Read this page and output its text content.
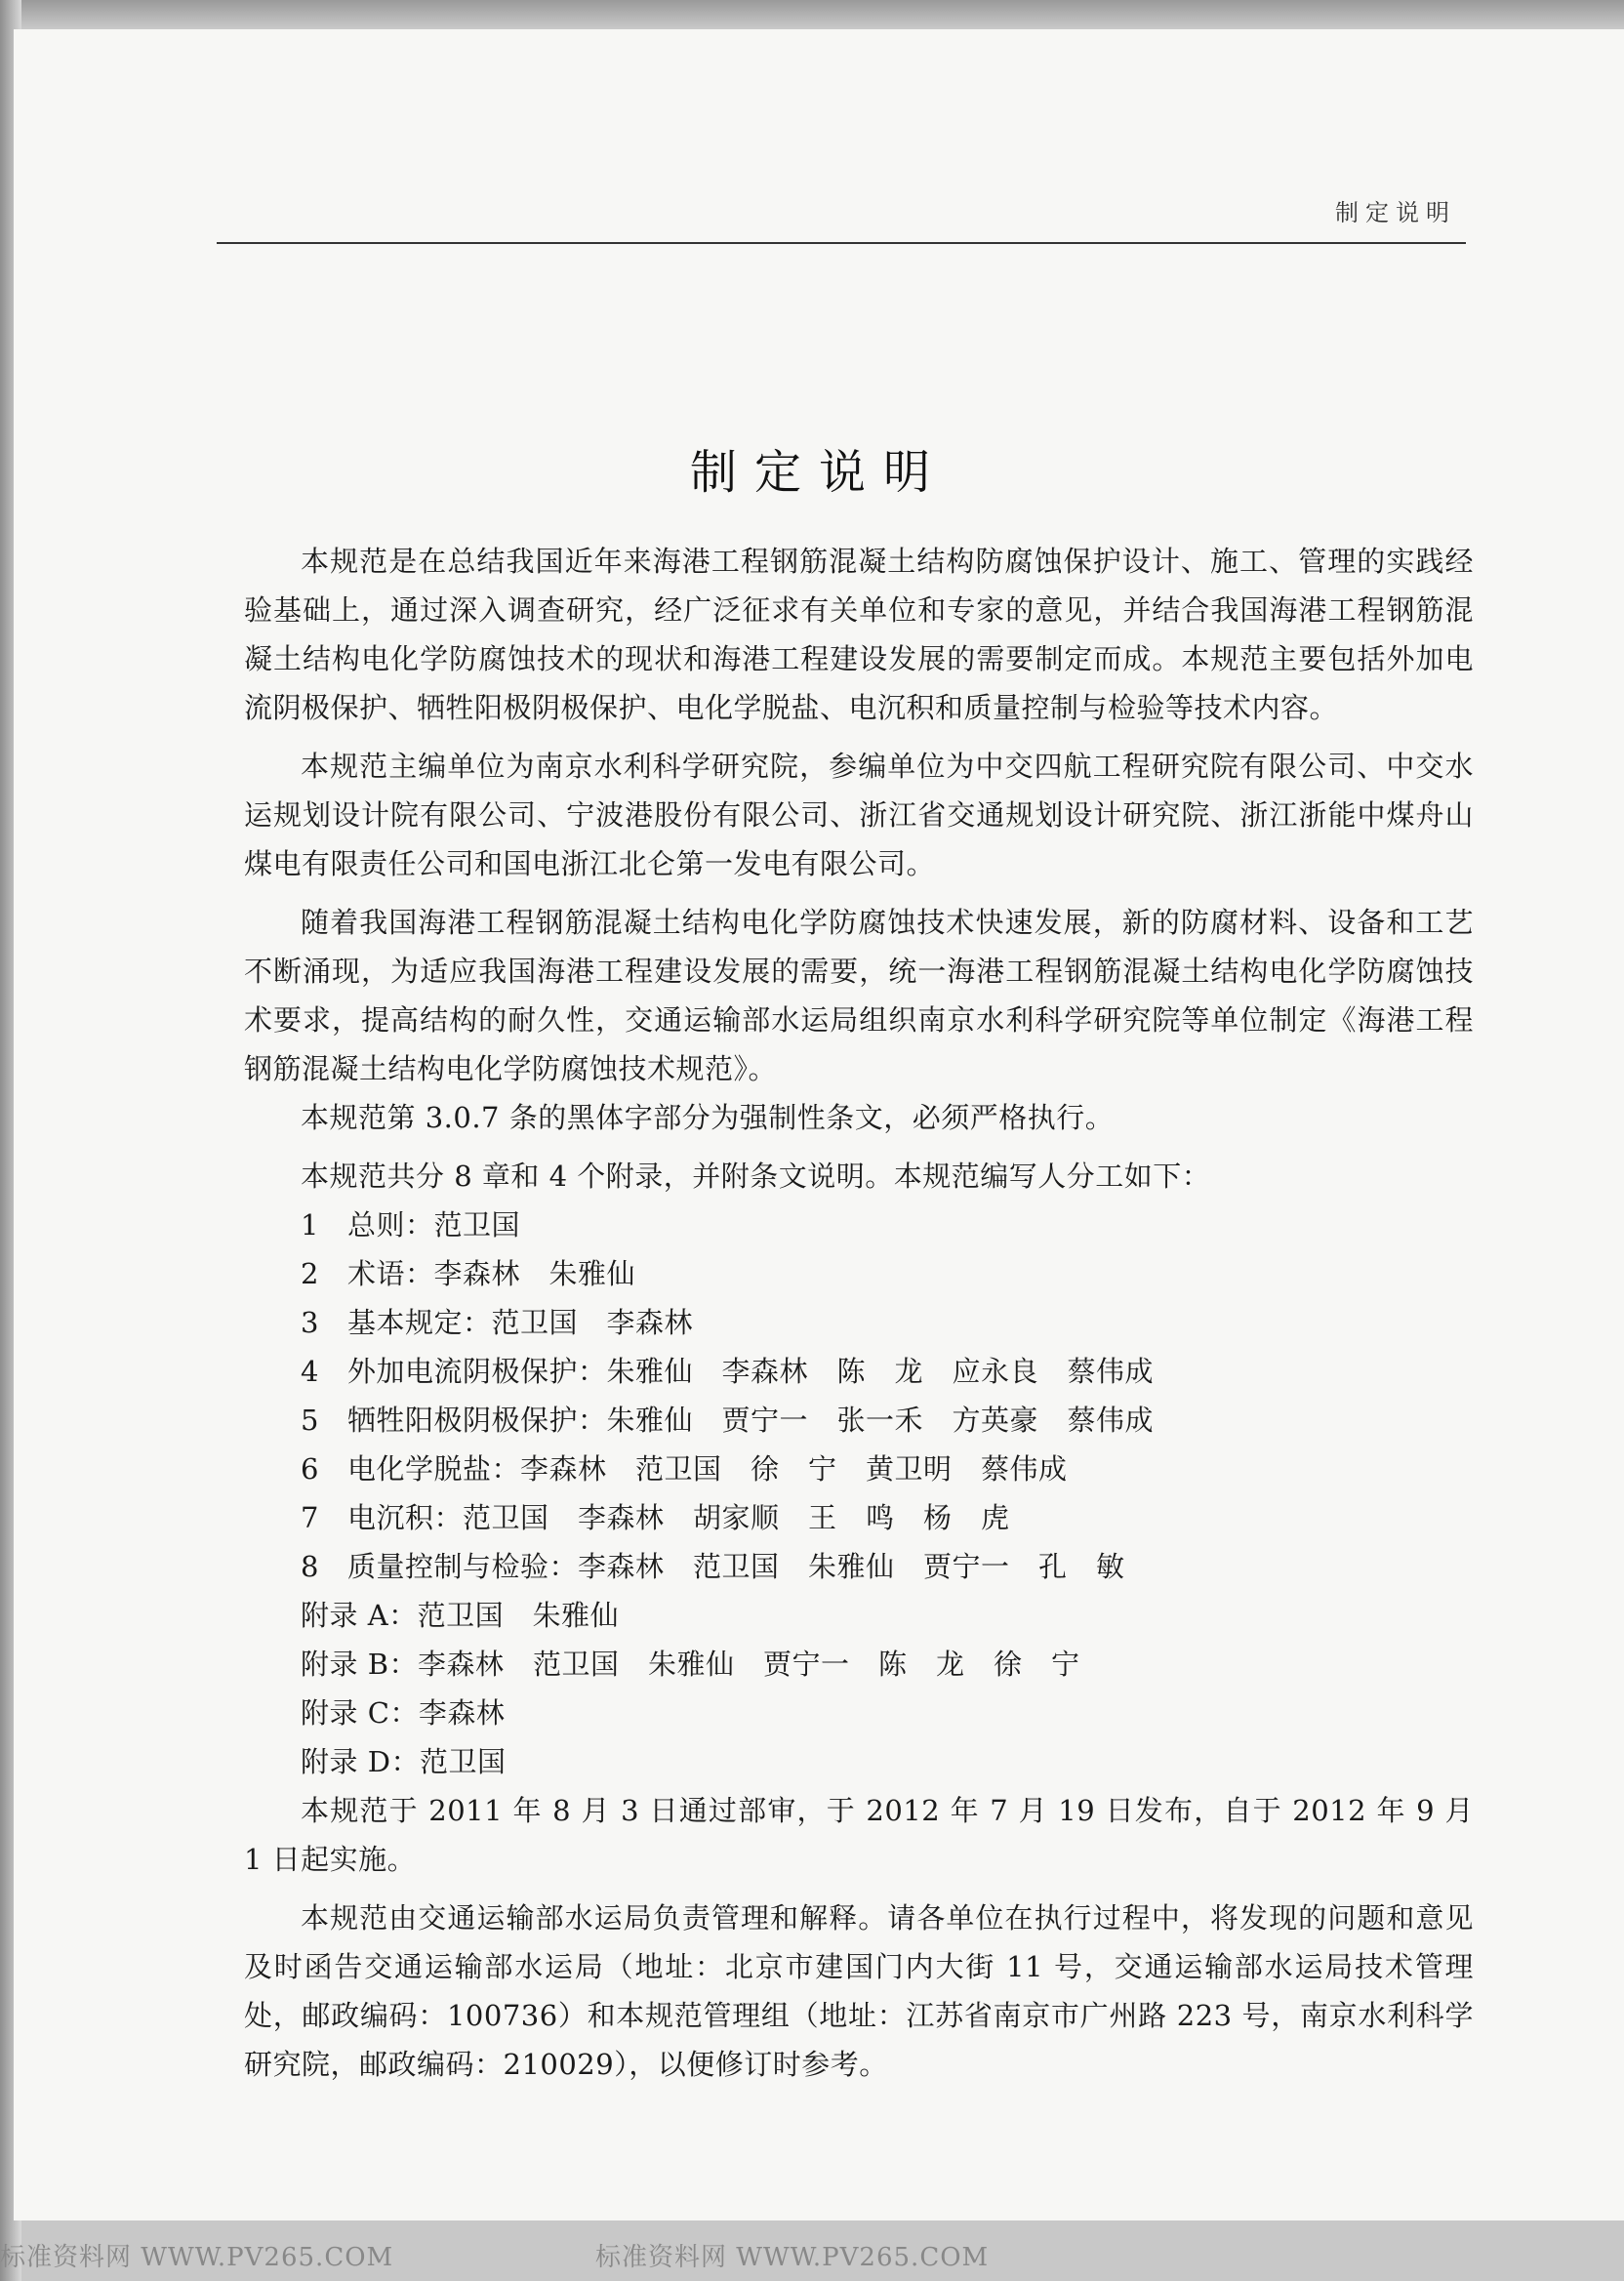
制定说明
制定说明

本规范是在总结我国近年来海港工程钢筋混凝土结构防腐蚀保护设计、施工、管理的实践经验基础上，通过深入调查研究，经广泛征求有关单位和专家的意见，并结合我国海港工程钢筋混凝土结构电化学防腐蚀技术的现状和海港工程建设发展的需要制定而成。本规范主要包括外加电流阴极保护、牺牲阳极阴极保护、电化学脱盐、电沉积和质量控制与检验等技术内容。

本规范主编单位为南京水利科学研究院，参编单位为中交四航工程研究院有限公司、中交水运规划设计院有限公司、宁波港股份有限公司、浙江省交通规划设计研究院、浙江浙能中煤舟山煤电有限责任公司和国电浙江北仑第一发电有限公司。

随着我国海港工程钢筋混凝土结构电化学防腐蚀技术快速发展，新的防腐材料、设备和工艺不断涌现，为适应我国海港工程建设发展的需要，统一海港工程钢筋混凝土结构电化学防腐蚀技术要求，提高结构的耐久性，交通运输部水运局组织南京水利科学研究院等单位制定《海港工程钢筋混凝土结构电化学防腐蚀技术规范》。

本规范第 3.0.7 条的黑体字部分为强制性条文，必须严格执行。

本规范共分 8 章和 4 个附录，并附条文说明。本规范编写人分工如下：

1 总则：范卫国
2 术语：李森林　朱雅仙
3 基本规定：范卫国　李森林
4 外加电流阴极保护：朱雅仙　李森林　陈　龙　应永良　蔡伟成
5 牺牲阳极阴极保护：朱雅仙　贾宁一　张一禾　方英豪　蔡伟成
6 电化学脱盐：李森林　范卫国　徐　宁　黄卫明　蔡伟成
7 电沉积：范卫国　李森林　胡家顺　王　鸣　杨　虎
8 质量控制与检验：李森林　范卫国　朱雅仙　贾宁一　孔　敏
附录 A：范卫国　朱雅仙
附录 B：李森林　范卫国　朱雅仙　贾宁一　陈　龙　徐　宁
附录 C：李森林
附录 D：范卫国

本规范于 2011 年 8 月 3 日通过部审，于 2012 年 7 月 19 日发布，自于 2012 年 9 月 1 日起实施。

本规范由交通运输部水运局负责管理和解释。请各单位在执行过程中，将发现的问题和意见及时函告交通运输部水运局（地址：北京市建国门内大街 11 号，交通运输部水运局技术管理处，邮政编码：100736）和本规范管理组（地址：江苏省南京市广州路 223 号，南京水利科学研究院，邮政编码：210029），以便修订时参考。

标准资料网 WWW.PV265.COM	标准资料网 WWW.PV265.COM
